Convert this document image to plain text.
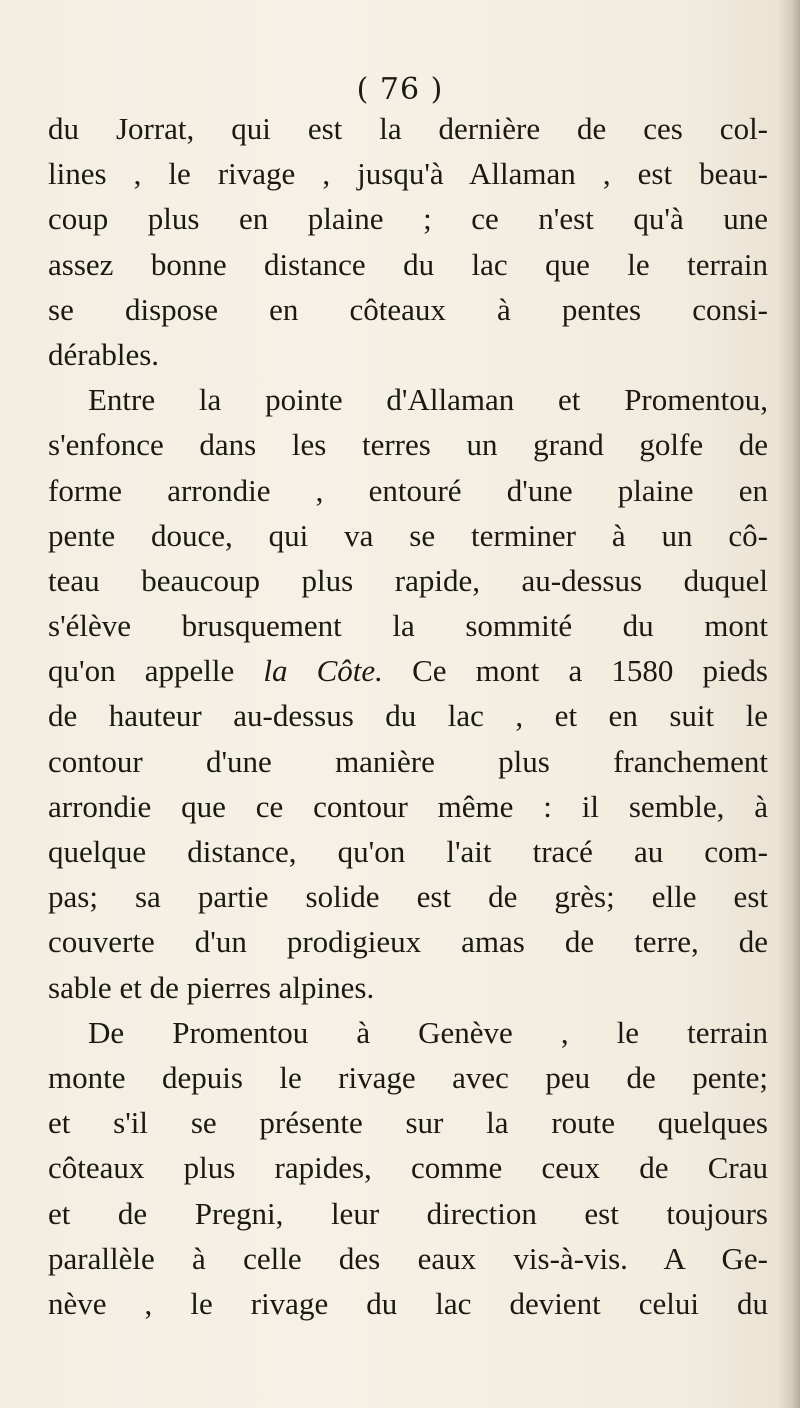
( 76 )
du Jorrat, qui est la dernière de ces col-
lines , le rivage , jusqu'à Allaman , est beau-
coup plus en plaine ; ce n'est qu'à une
assez bonne distance du lac que le terrain
se dispose en côteaux à pentes consi-
dérables.
Entre la pointe d'Allaman et Promentou,
s'enfonce dans les terres un grand golfe de
forme arrondie , entouré d'une plaine en
pente douce, qui va se terminer à un cô-
teau beaucoup plus rapide, au-dessus duquel
s'élève brusquement la sommité du mont
qu'on appelle la Côte. Ce mont a 1580 pieds
de hauteur au-dessus du lac , et en suit le
contour d'une manière plus franchement
arrondie que ce contour même : il semble, à
quelque distance, qu'on l'ait tracé au com-
pas; sa partie solide est de grès; elle est
couverte d'un prodigieux amas de terre, de
sable et de pierres alpines.
De Promentou à Genève , le terrain
monte depuis le rivage avec peu de pente;
et s'il se présente sur la route quelques
côteaux plus rapides, comme ceux de Crau
et de Pregni, leur direction est toujours
parallèle à celle des eaux vis-à-vis. A Ge-
nève , le rivage du lac devient celui du
